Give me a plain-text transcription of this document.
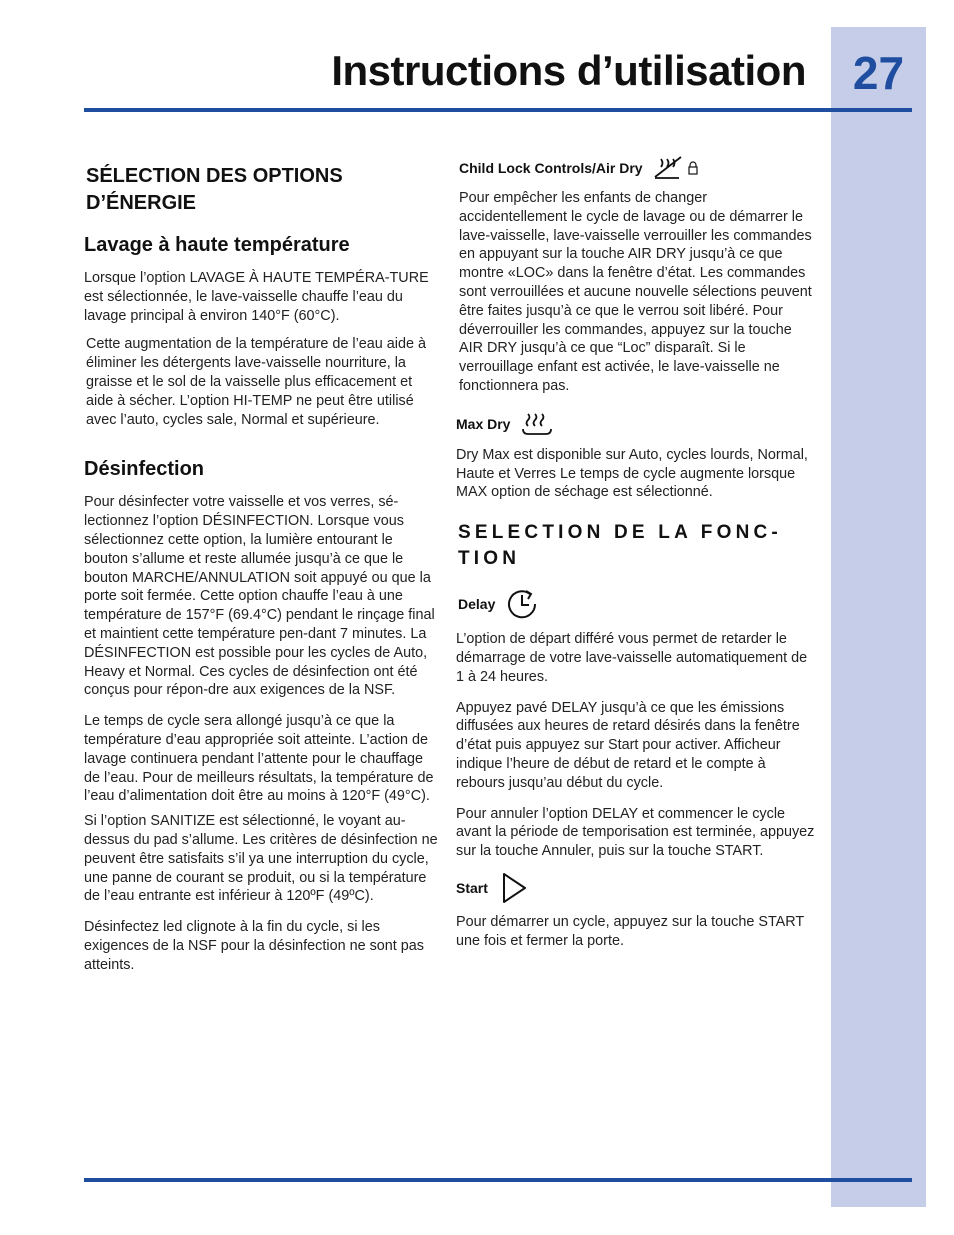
27
Instructions d’utilisation
SÉLECTION DES OPTIONS
D’ÉNERGIE
Lavage à haute température

Lorsque l’option LAVAGE À HAUTE TEMPÉRA-TURE est sélectionnée, le lave-vaisselle chauffe l’eau du lavage principal à environ 140°F (60°C).

Cette augmentation de la température de l’eau aide à éliminer les détergents lave-vaisselle nourriture, la graisse et le sol de la vaisselle plus efficacement et aide à sécher. L’option HI-TEMP ne peut être utilisé avec l’auto, cycles sale, Normal et supérieure.

Désinfection

Pour désinfecter votre vaisselle et vos verres, sé-lectionnez l’option DÉSINFECTION. Lorsque vous sélectionnez cette option, la lumière entourant le bouton s’allume et reste allumée jusqu’à ce que le bouton MARCHE/ANNULATION soit appuyé ou que la porte soit fermée. Cette option chauffe l’eau à une température de 157°F (69.4°C) pendant le rinçage final et maintient cette température pen-dant 7 minutes. La DÉSINFECTION est possible pour les cycles de Auto, Heavy et Normal. Ces cycles de désinfection ont été conçus pour répon-dre aux exigences de la NSF.

Le temps de cycle sera allongé jusqu’à ce que la température d’eau appropriée soit atteinte. L’action de lavage continuera pendant l’attente pour le chauffage de l’eau. Pour de meilleurs résultats, la température de l’eau d’alimentation doit être au moins à 120°F (49°C).

Si l’option SANITIZE est sélectionné, le voyant au-dessus du pad s’allume. Les critères de désinfection ne peuvent être satisfaits s’il ya une interruption du cycle, une panne de courant se produit, ou si la température de l’eau entrante est inférieur à 120ºF (49ºC).

Désinfectez led clignote à la fin du cycle, si les exigences de la NSF pour la désinfection ne sont pas atteints.

Child Lock Controls/Air Dry

Pour empêcher les enfants de changer accidentellement le cycle de lavage ou de démarrer le lave-vaisselle, lave-vaisselle verrouiller les commandes en appuyant sur la touche AIR DRY jusqu’à ce que montre «LOC» dans la fenêtre d’état. Les commandes sont verrouillées et aucune nouvelle sélections peuvent être faites jusqu’à ce que le verrou soit libéré. Pour déverrouiller les commandes, appuyez sur la touche AIR DRY jusqu’à ce que “Loc” disparaît. Si le verrouillage enfant est activée, le lave-vaisselle ne fonctionnera pas.

Max Dry

Dry Max est disponible sur Auto, cycles lourds, Normal, Haute et Verres Le temps de cycle augmente lorsque MAX option de séchage est sélectionné.

SELECTION DE LA FONC-
TION
Delay

L’option de départ différé vous permet de retarder le démarrage de votre lave-vaisselle automatiquement de 1 à 24 heures.

Appuyez pavé DELAY jusqu’à ce que les émissions diffusées aux heures de retard désirés dans la fenêtre d’état puis appuyez sur Start pour activer. Afficheur indique l’heure de début de retard et le compte à rebours jusqu’au début du cycle.

Pour annuler l’option DELAY et commencer le cycle avant la période de temporisation est terminée, appuyez sur la touche Annuler, puis sur la touche START.

Start

Pour démarrer un cycle, appuyez sur la touche START une fois et fermer la porte.
